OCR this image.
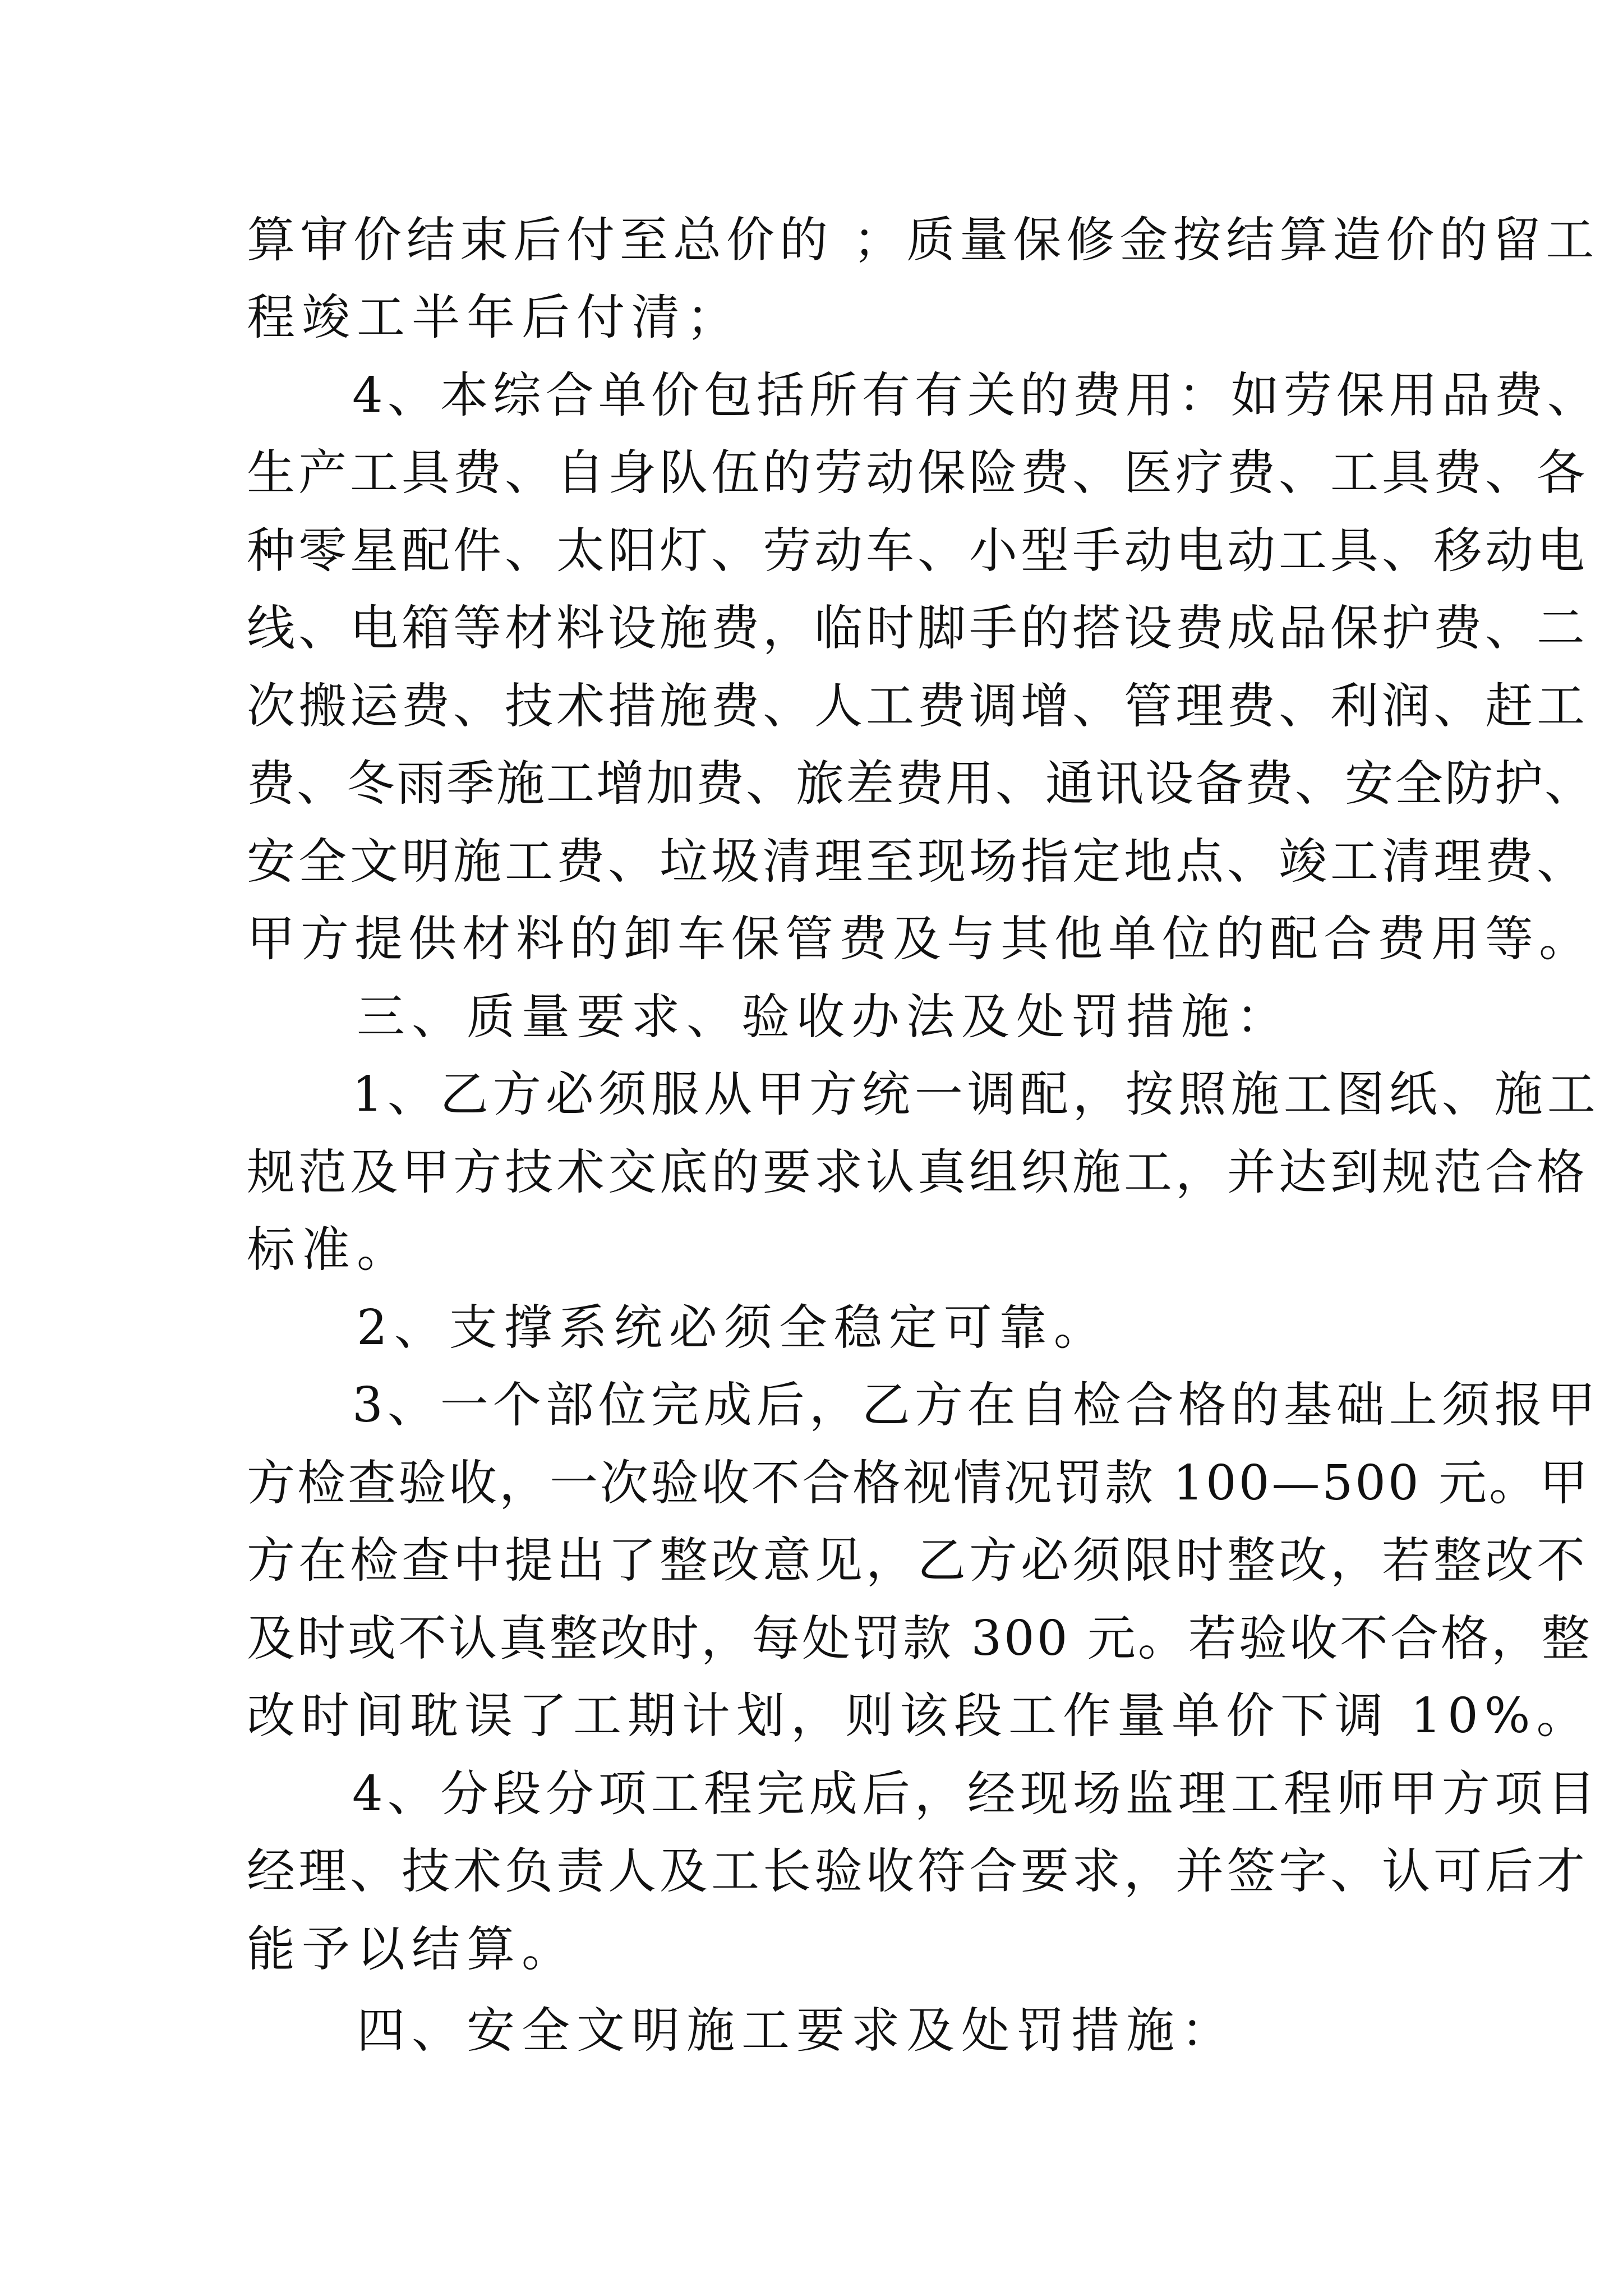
算审价结束后付至总价的 ；质量保修金按结算造价的留工
程竣工半年后付清；
　　4、本综合单价包括所有有关的费用：如劳保用品费、
生产工具费、自身队伍的劳动保险费、医疗费、工具费、各
种零星配件、太阳灯、劳动车、小型手动电动工具、移动电
线、电箱等材料设施费，临时脚手的搭设费成品保护费、二
次搬运费、技术措施费、人工费调增、管理费、利润、赶工
费、冬雨季施工增加费、旅差费用、通讯设备费、安全防护、
安全文明施工费、垃圾清理至现场指定地点、竣工清理费、
甲方提供材料的卸车保管费及与其他单位的配合费用等。
　　三、质量要求、验收办法及处罚措施：
　　1、乙方必须服从甲方统一调配，按照施工图纸、施工
规范及甲方技术交底的要求认真组织施工，并达到规范合格
标准。
　　2、支撑系统必须全稳定可靠。
　　3、一个部位完成后，乙方在自检合格的基础上须报甲
方检查验收，一次验收不合格视情况罚款 100—500 元。甲
方在检查中提出了整改意见，乙方必须限时整改，若整改不
及时或不认真整改时，每处罚款 300 元。若验收不合格，整
改时间耽误了工期计划，则该段工作量单价下调 10%。
　　4、分段分项工程完成后，经现场监理工程师甲方项目
经理、技术负责人及工长验收符合要求，并签字、认可后才
能予以结算。
　　四、安全文明施工要求及处罚措施：
